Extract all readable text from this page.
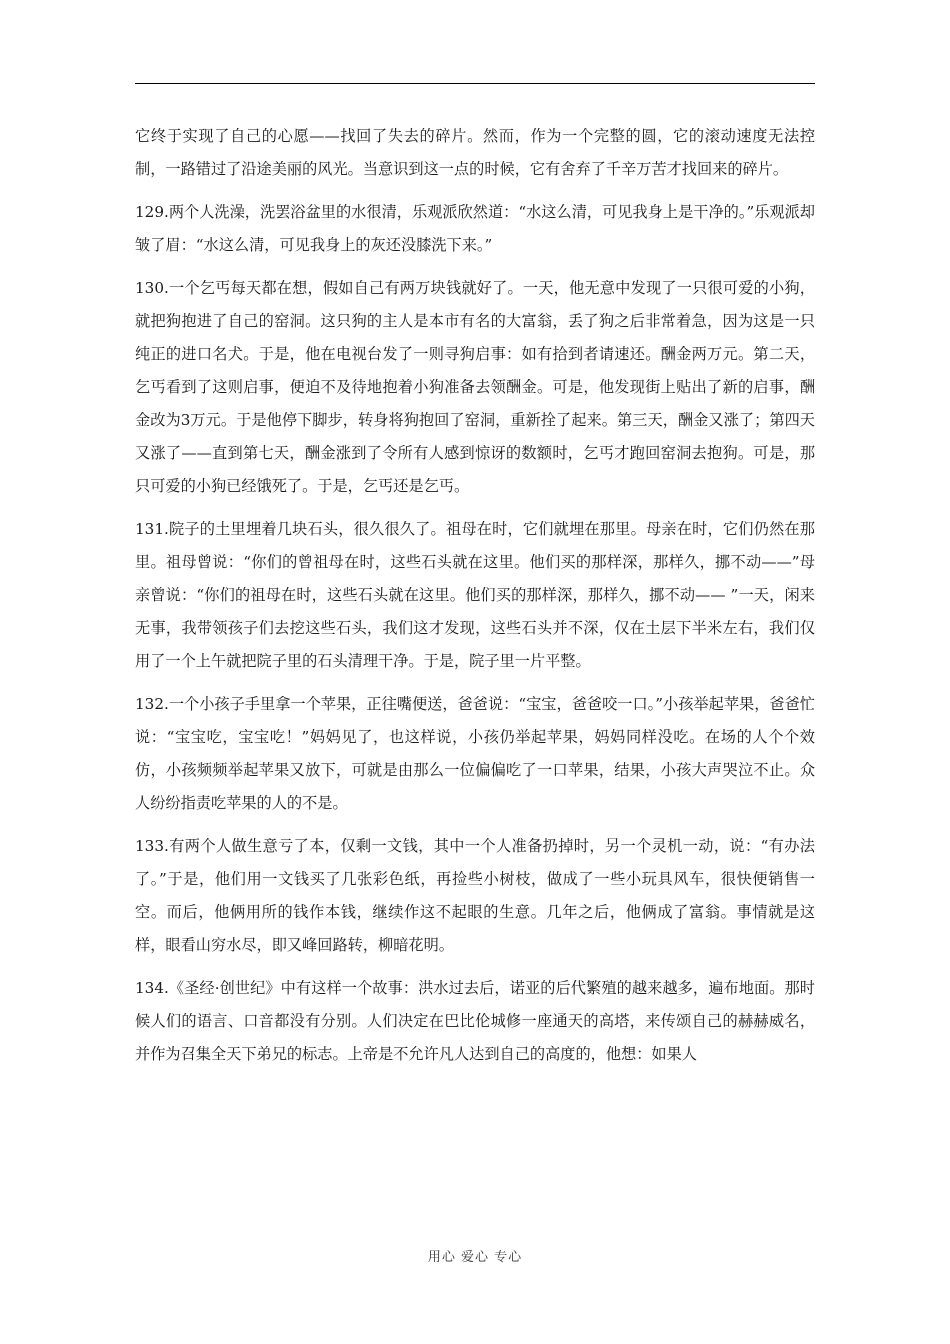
它终于实现了自己的心愿——找回了失去的碎片。然而，作为一个完整的圆，它的滚动速度无法控制，一路错过了沿途美丽的风光。当意识到这一点的时候，它有舍弃了千辛万苦才找回来的碎片。

129.两个人洗澡，洗罢浴盆里的水很清，乐观派欣然道：“水这么清，可见我身上是干净的。”乐观派却皱了眉：“水这么清，可见我身上的灰还没膝洗下来。”

130.一个乞丐每天都在想，假如自己有两万块钱就好了。一天，他无意中发现了一只很可爱的小狗，就把狗抱进了自己的窑洞。这只狗的主人是本市有名的大富翁，丢了狗之后非常着急，因为这是一只纯正的进口名犬。于是，他在电视台发了一则寻狗启事：如有拾到者请速还。酬金两万元。第二天，乞丐看到了这则启事，便迫不及待地抱着小狗准备去领酬金。可是，他发现街上贴出了新的启事，酬金改为3万元。于是他停下脚步，转身将狗抱回了窑洞，重新拴了起来。第三天，酬金又涨了；第四天又涨了——直到第七天，酬金涨到了令所有人感到惊讶的数额时，乞丐才跑回窑洞去抱狗。可是，那只可爱的小狗已经饿死了。于是，乞丐还是乞丐。

131.院子的土里埋着几块石头，很久很久了。祖母在时，它们就埋在那里。母亲在时，它们仍然在那里。祖母曾说：“你们的曾祖母在时，这些石头就在这里。他们买的那样深，那样久，挪不动——”母亲曾说：“你们的祖母在时，这些石头就在这里。他们买的那样深，那样久，挪不动—— ”一天，闲来无事，我带领孩子们去挖这些石头，我们这才发现，这些石头并不深，仅在土层下半米左右，我们仅用了一个上午就把院子里的石头清理干净。于是，院子里一片平整。

132.一个小孩子手里拿一个苹果，正往嘴便送，爸爸说：“宝宝，爸爸咬一口。”小孩举起苹果，爸爸忙说：“宝宝吃，宝宝吃！”妈妈见了，也这样说，小孩仍举起苹果，妈妈同样没吃。在场的人个个效仿，小孩频频举起苹果又放下，可就是由那么一位偏偏吃了一口苹果，结果，小孩大声哭泣不止。众人纷纷指责吃苹果的人的不是。

133.有两个人做生意亏了本，仅剩一文钱，其中一个人准备扔掉时，另一个灵机一动，说：“有办法了。”于是，他们用一文钱买了几张彩色纸，再捡些小树枝，做成了一些小玩具风车，很快便销售一空。而后，他俩用所的钱作本钱，继续作这不起眼的生意。几年之后，他俩成了富翁。事情就是这样，眼看山穷水尽，即又峰回路转，柳暗花明。

134.《圣经·创世纪》中有这样一个故事：洪水过去后，诺亚的后代繁殖的越来越多，遍布地面。那时候人们的语言、口音都没有分别。人们决定在巴比伦城修一座通天的高塔，来传颂自己的赫赫威名，并作为召集全天下弟兄的标志。上帝是不允许凡人达到自己的高度的，他想：如果人

用心 爱心 专心
